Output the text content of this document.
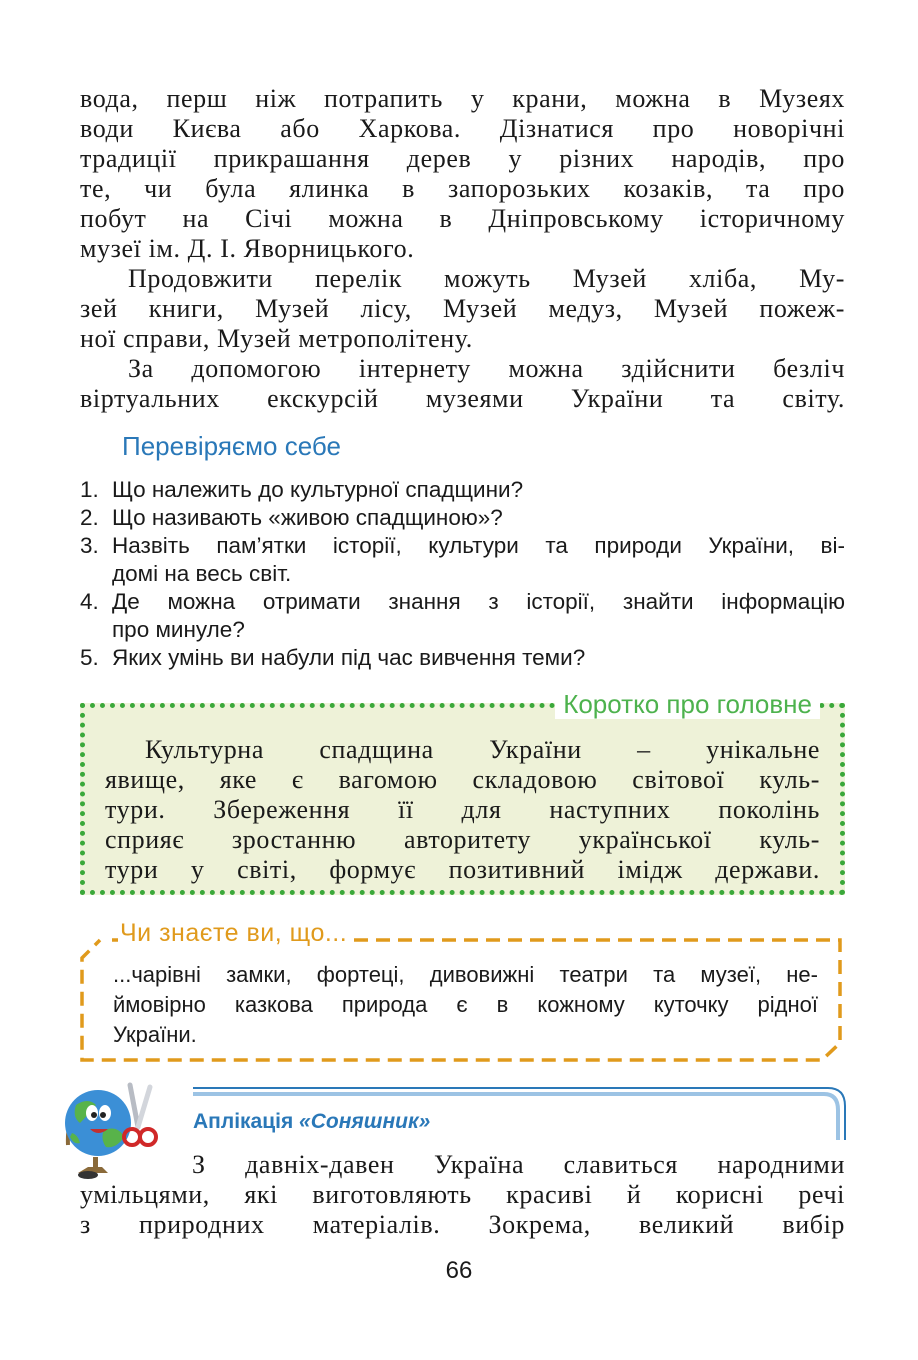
вода, перш ніж потрапить у крани, можна в Музеях

води Києва або Харкова. Дізнатися про новорічні

традиції прикрашання дерев у різних народів, про

те, чи була ялинка в запорозьких козаків, та про

побут на Січі можна в Дніпровському історичному

музеї ім. Д. І. Яворницького.

Продовжити перелік можуть Музей хліба, Му-

зей книги, Музей лісу, Музей медуз, Музей пожеж-

ної справи, Музей метрополітену.

За допомогою інтернету можна здійснити безліч

віртуальних екскурсій музеями України та світу.

Перевіряємо себе
1. Що належить до культурної спадщини?
2. Що називають «живою спадщиною»?
3. Назвіть пам’ятки історії, культури та природи України, ві-
домі на весь світ.
4. Де можна отримати знання з історії, знайти інформацію
про минуле?
5. Яких умінь ви набули під час вивчення теми?
Коротко про головне

Культурна спадщина України – унікальне

явище, яке є вагомою складовою світової куль-

тури. Збереження її для наступних поколінь

сприяє зростанню авторитету української куль-

тури у світі, формує позитивний імідж держави.

Чи знаєте ви, що...

...чарівні замки, фортеці, дивовижні театри та музеї, не-

ймовірно казкова природа є в кожному куточку рідної

України.

Аплікація «Соняшник»

З давніх-давен Україна славиться народними

умільцями, які виготовляють красиві й корисні речі

з природних матеріалів. Зокрема, великий вибір

66
